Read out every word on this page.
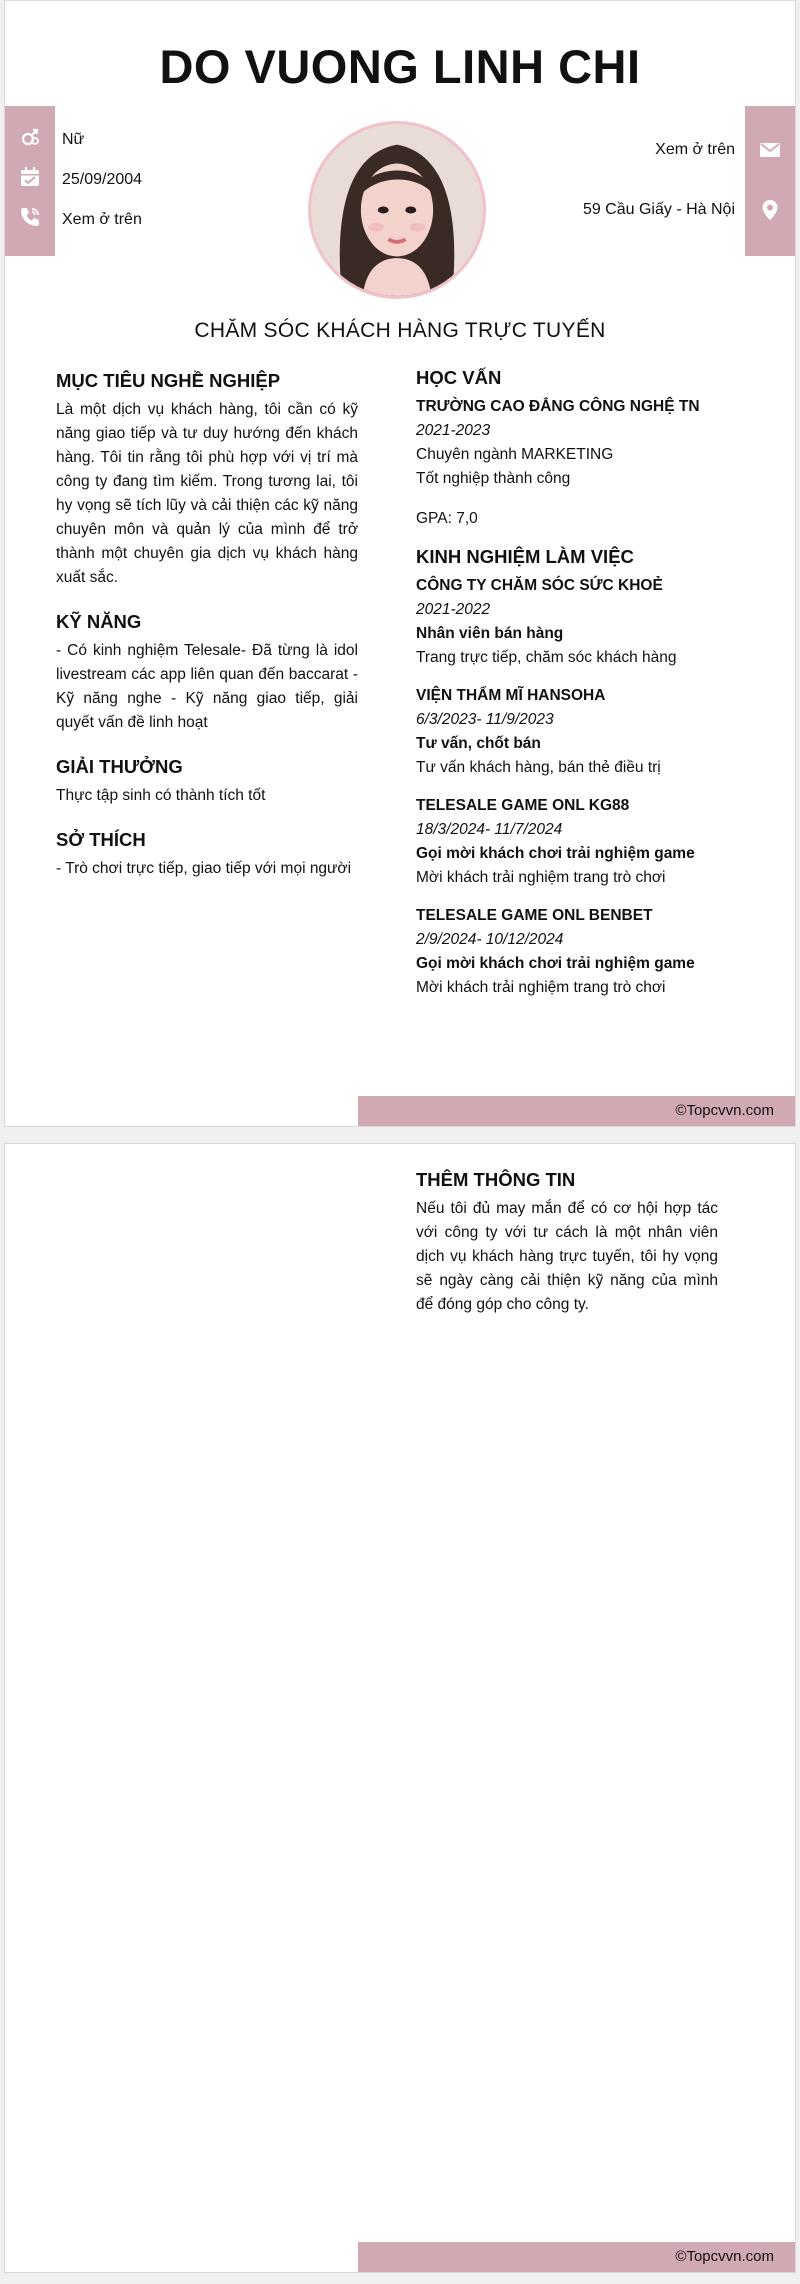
DO VUONG LINH CHI
Nữ
25/09/2004
Xem ở trên
Xem ở trên
59 Cầu Giấy - Hà Nội
CHĂM SÓC KHÁCH HÀNG TRỰC TUYẾN
MỤC TIÊU NGHỀ NGHIỆP

Là một dịch vụ khách hàng, tôi cần có kỹ năng giao tiếp và tư duy hướng đến khách hàng. Tôi tin rằng tôi phù hợp với vị trí mà công ty đang tìm kiếm. Trong tương lai, tôi hy vọng sẽ tích lũy và cải thiện các kỹ năng chuyên môn và quản lý của mình để trở thành một chuyên gia dịch vụ khách hàng xuất sắc.

KỸ NĂNG

- Có kinh nghiệm Telesale- Đã từng là idol livestream các app liên quan đến baccarat - Kỹ năng nghe - Kỹ năng giao tiếp, giải quyết vấn đề linh hoạt

GIẢI THƯỞNG

Thực tập sinh có thành tích tốt

SỞ THÍCH

- Trò chơi trực tiếp, giao tiếp với mọi người

HỌC VẤN

TRƯỜNG CAO ĐẲNG CÔNG NGHỆ TN

2021-2023

Chuyên ngành MARKETING

Tốt nghiệp thành công

GPA: 7,0

KINH NGHIỆM LÀM VIỆC

CÔNG TY CHĂM SÓC SỨC KHOẺ

2021-2022

Nhân viên bán hàng

Trang trực tiếp, chăm sóc khách hàng

VIỆN THẨM MĨ HANSOHA

6/3/2023- 11/9/2023

Tư vấn, chốt bán

Tư vấn khách hàng, bán thẻ điều trị

TELESALE GAME ONL KG88

18/3/2024- 11/7/2024

Gọi mời khách chơi trải nghiệm game

Mời khách trải nghiệm trang trò chơi

TELESALE GAME ONL BENBET

2/9/2024- 10/12/2024

Gọi mời khách chơi trải nghiệm game

Mời khách trải nghiệm trang trò chơi

©Topcvvn.com
THÊM THÔNG TIN

Nếu tôi đủ may mắn để có cơ hội hợp tác với công ty với tư cách là một nhân viên dịch vụ khách hàng trực tuyến, tôi hy vọng sẽ ngày càng cải thiện kỹ năng của mình để đóng góp cho công ty.

©Topcvvn.com
